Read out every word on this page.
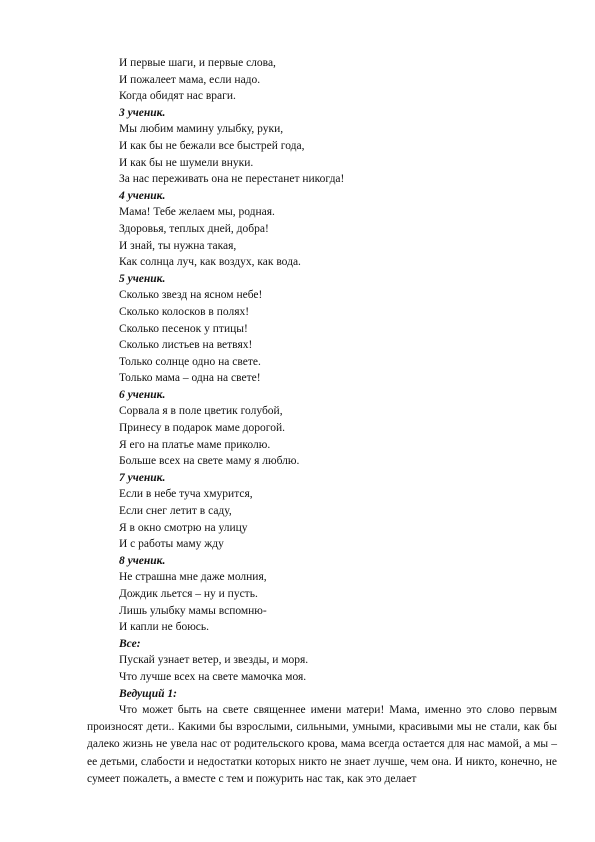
И первые шаги, и первые слова,
И пожалеет мама, если надо.
Когда обидят нас враги.
3 ученик.
Мы любим мамину улыбку, руки,
И как бы не бежали все быстрей года,
И как бы не шумели внуки.
За нас переживать она не перестанет никогда!
4 ученик.
Мама! Тебе желаем мы, родная.
Здоровья, теплых дней, добра!
И знай, ты нужна такая,
Как солнца луч, как воздух, как вода.
5 ученик.
Сколько звезд на ясном небе!
Сколько колосков в полях!
Сколько песенок у птицы!
Сколько листьев на ветвях!
Только солнце одно на свете.
Только мама – одна на свете!
6 ученик.
Сорвала я в поле цветик голубой,
Принесу в подарок маме дорогой.
Я его на платье маме приколю.
Больше всех на свете маму я люблю.
7 ученик.
Если в небе туча хмурится,
Если снег летит в саду,
Я в окно смотрю на улицу
И с работы маму жду
8 ученик.
Не страшна мне даже молния,
Дождик льется – ну и пусть.
Лишь улыбку мамы вспомню-
И капли не боюсь.
Все:
Пускай узнает ветер, и звезды, и моря.
Что лучше всех на свете мамочка моя.
Ведущий 1:
Что может быть на свете священнее имени матери! Мама, именно это слово первым произносят дети.. Какими бы взрослыми, сильными, умными, красивыми мы не стали, как бы далеко жизнь не увела нас от родительского крова, мама всегда остается для нас мамой, а мы – ее детьми, слабости и недостатки которых никто не знает лучше, чем она. И никто, конечно, не сумеет пожалеть, а вместе с тем и пожурить нас так, как это делает
